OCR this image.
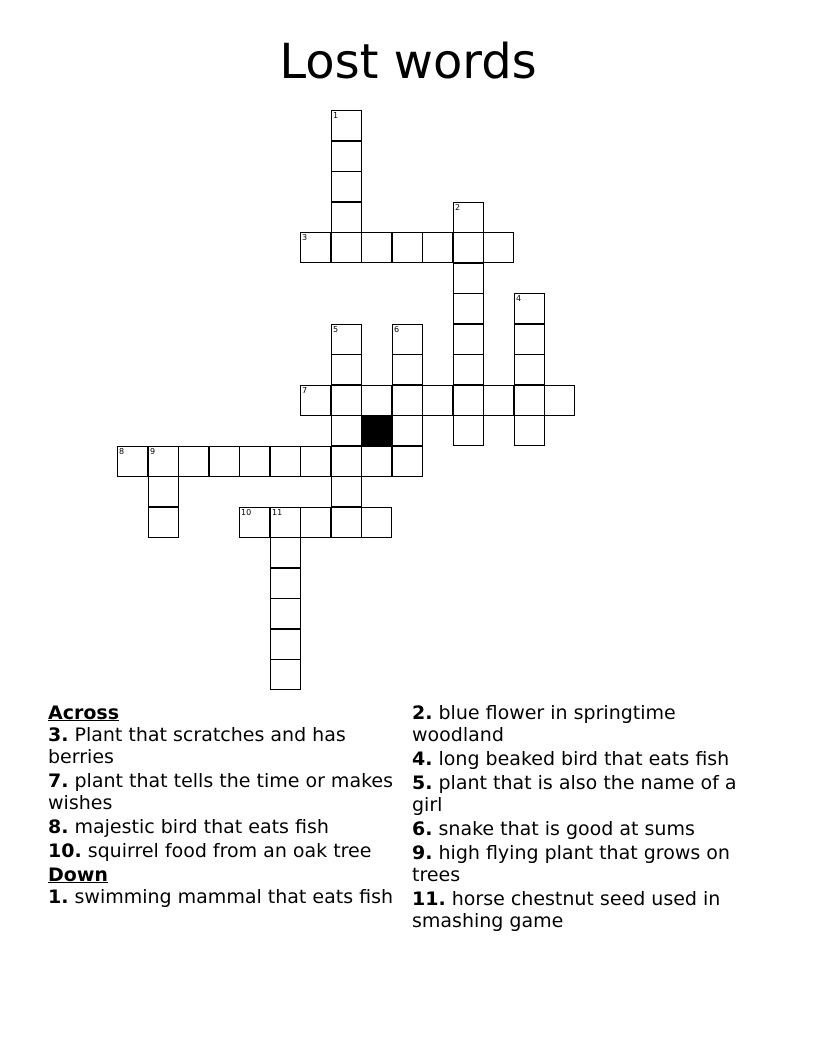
Lost words
1
2
3
4
5	6
7
8	9
10	11
Across
3. Plant that scratches and has berries
7. plant that tells the time or makes wishes
8. majestic bird that eats fish
10. squirrel food from an oak tree
Down
1. swimming mammal that eats fish
2. blue flower in springtime woodland
4. long beaked bird that eats fish
5. plant that is also the name of a girl
6. snake that is good at sums
9. high flying plant that grows on trees
11. horse chestnut seed used in smashing game
